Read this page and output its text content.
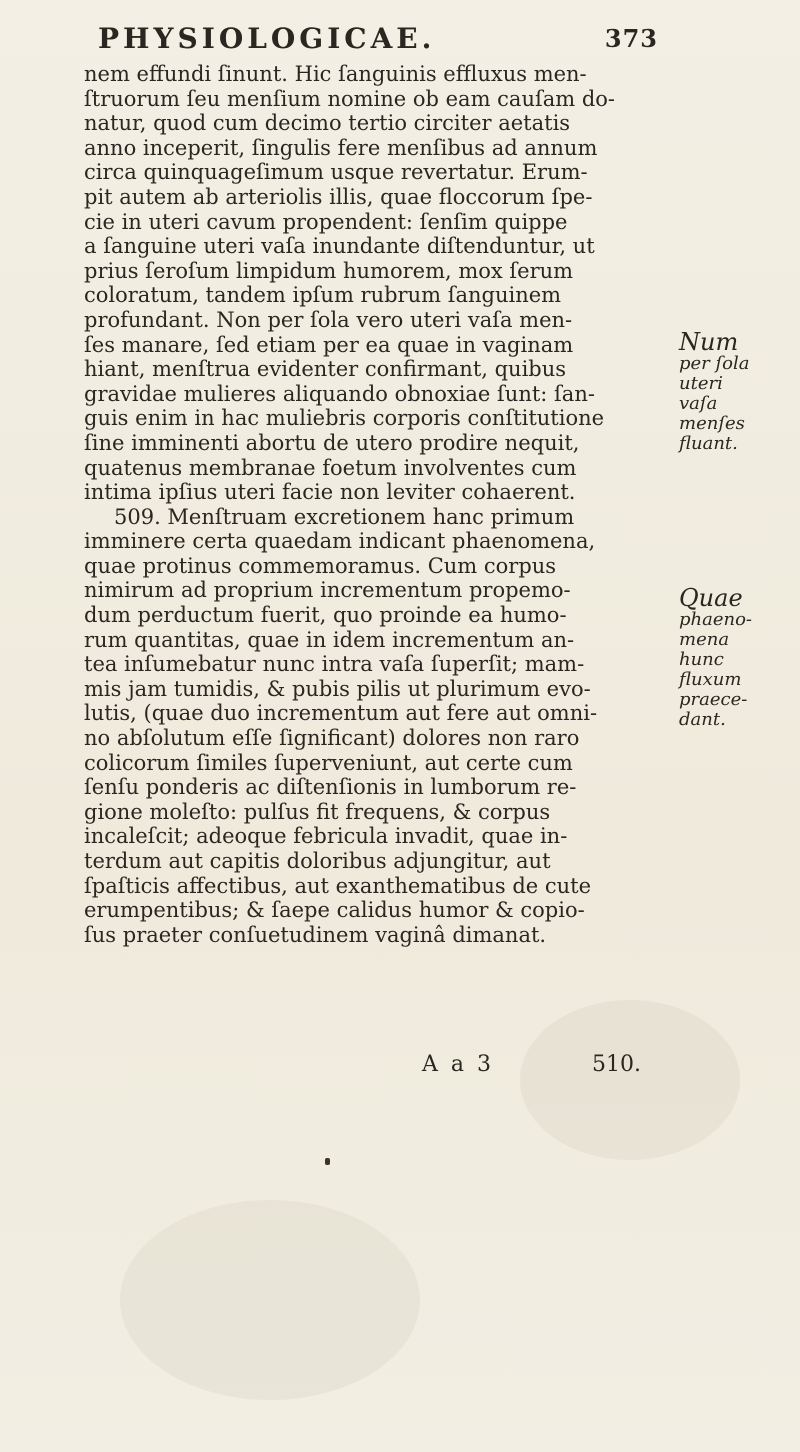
PHYSIOLOGICAE.	373
nem effundi ſinunt. Hic ſanguinis effluxus men-
ſtruorum ſeu menſium nomine ob eam cauſam do-
natur, quod cum decimo tertio circiter aetatis
anno inceperit, ſingulis fere menſibus ad annum
circa quinquageſimum usque revertatur. Erum-
pit autem ab arteriolis illis, quae floccorum ſpe-
cie in uteri cavum propendent: ſenſim quippe
a ſanguine uteri vaſa inundante diſtenduntur, ut
prius ſeroſum limpidum humorem, mox ſerum
coloratum, tandem ipſum rubrum ſanguinem
profundant. Non per ſola vero uteri vaſa men-
ſes manare, ſed etiam per ea quae in vaginam
hiant, menſtrua evidenter confirmant, quibus
gravidae mulieres aliquando obnoxiae ſunt: ſan-
guis enim in hac muliebris corporis conſtitutione
ſine imminenti abortu de utero prodire nequit,
quatenus membranae foetum involventes cum
intima ipſius uteri facie non leviter cohaerent.
509. Menſtruam excretionem hanc primum
imminere certa quaedam indicant phaenomena,
quae protinus commemoramus. Cum corpus
nimirum ad proprium incrementum propemo-
dum perductum fuerit, quo proinde ea humo-
rum quantitas, quae in idem incrementum an-
tea inſumebatur nunc intra vaſa ſuperſit; mam-
mis jam tumidis, & pubis pilis ut plurimum evo-
lutis, (quae duo incrementum aut fere aut omni-
no abſolutum eſſe ſignificant) dolores non raro
colicorum ſimiles ſuperveniunt, aut certe cum
ſenſu ponderis ac diſtenſionis in lumborum re-
gione moleſto: pulſus fit frequens, & corpus
incaleſcit; adeoque febricula invadit, quae in-
terdum aut capitis doloribus adjungitur, aut
ſpaſticis affectibus, aut exanthematibus de cute
erumpentibus; & ſaepe calidus humor & copio-
ſus praeter conſuetudinem vaginâ dimanat.
Num
per ſola
uteri
vaſa
menſes
fluant.
Quae
phaeno-
mena
hunc
fluxum
praece-
dant.
A a 3	510.
